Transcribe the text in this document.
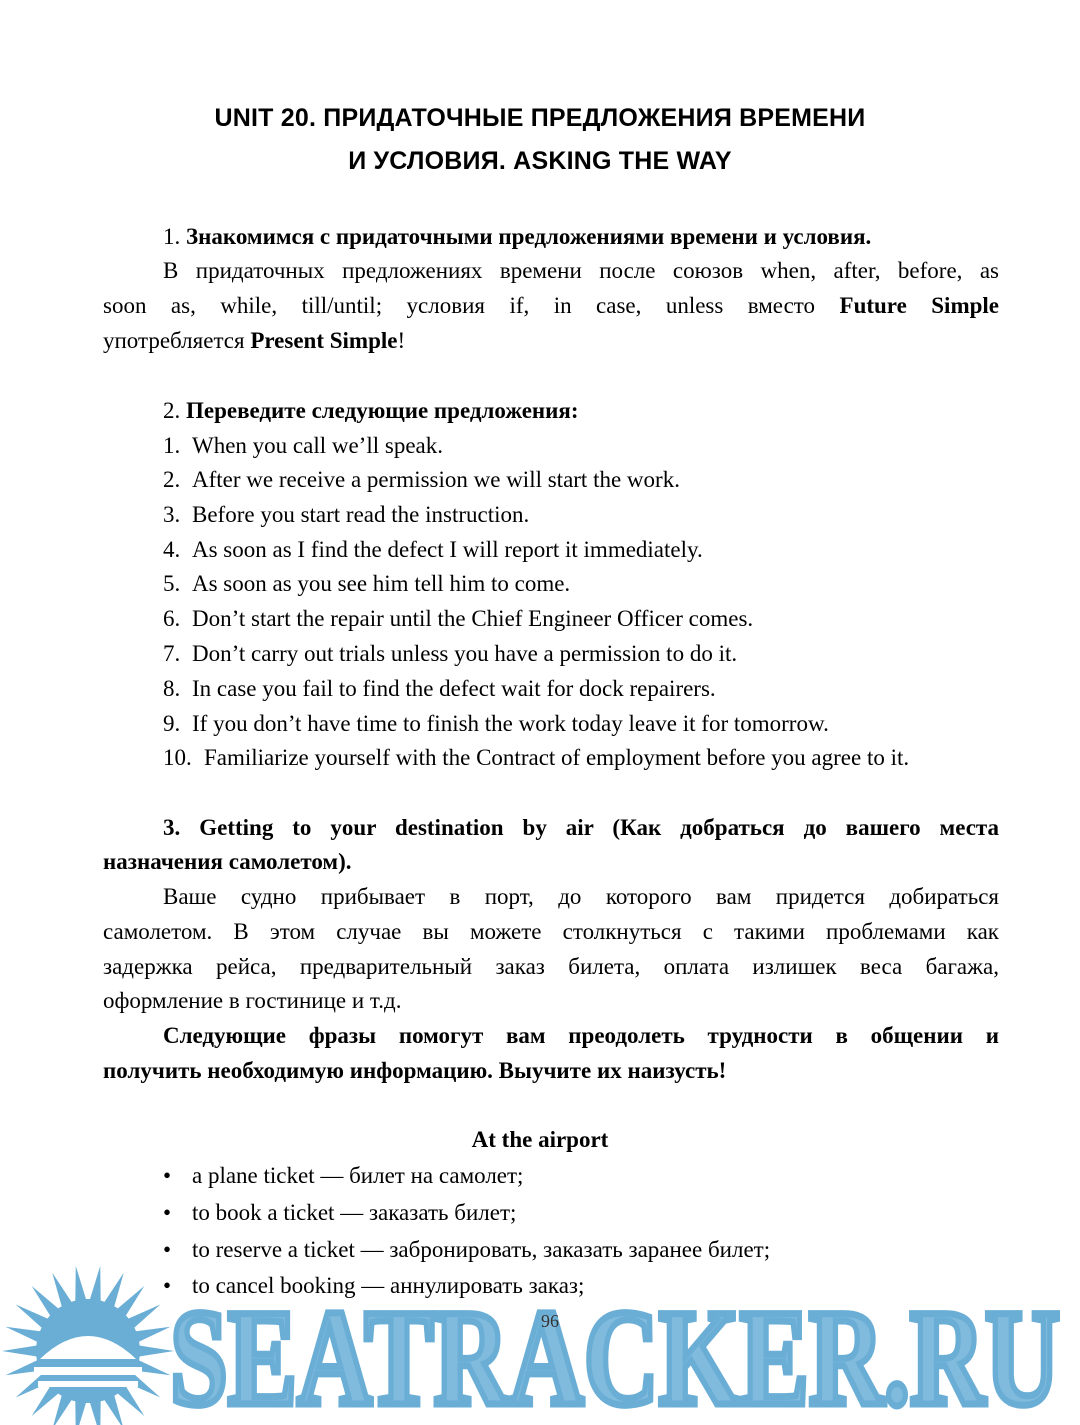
UNIT 20. ПРИДАТОЧНЫЕ ПРЕДЛОЖЕНИЯ ВРЕМЕНИ
И УСЛОВИЯ. ASKING THE WAY
1. Знакомимся с придаточными предложениями времени и условия.
В придаточных предложениях времени после союзов when, after, before, as
soon as, while, till/until; условия if, in case, unless вместо Future Simple
употребляется Present Simple!
2. Переведите следующие предложения:
1. When you call we’ll speak.
2. After we receive a permission we will start the work.
3. Before you start read the instruction.
4. As soon as I find the defect I will report it immediately.
5. As soon as you see him tell him to come.
6. Don’t start the repair until the Chief Engineer Officer comes.
7. Don’t carry out trials unless you have a permission to do it.
8. In case you fail to find the defect wait for dock repairers.
9. If you don’t have time to finish the work today leave it for tomorrow.
10. Familiarize yourself with the Contract of employment before you agree to it.
3. Getting to your destination by air (Как добраться до вашего места
назначения самолетом).
Ваше судно прибывает в порт, до которого вам придется добираться
самолетом. В этом случае вы можете столкнуться с такими проблемами как
задержка рейса, предварительный заказ билета, оплата излишек веса багажа,
оформление в гостинице и т.д.
Следующие фразы помогут вам преодолеть трудности в общении и
получить необходимую информацию. Выучите их наизусть!
At the airport
• a plane ticket — билет на самолет;
• to book a ticket — заказать билет;
• to reserve a ticket — забронировать, заказать заранее билет;
• to cancel booking — аннулировать заказ;
SEATRACKER.RU
SEATRACKER.RU
96
